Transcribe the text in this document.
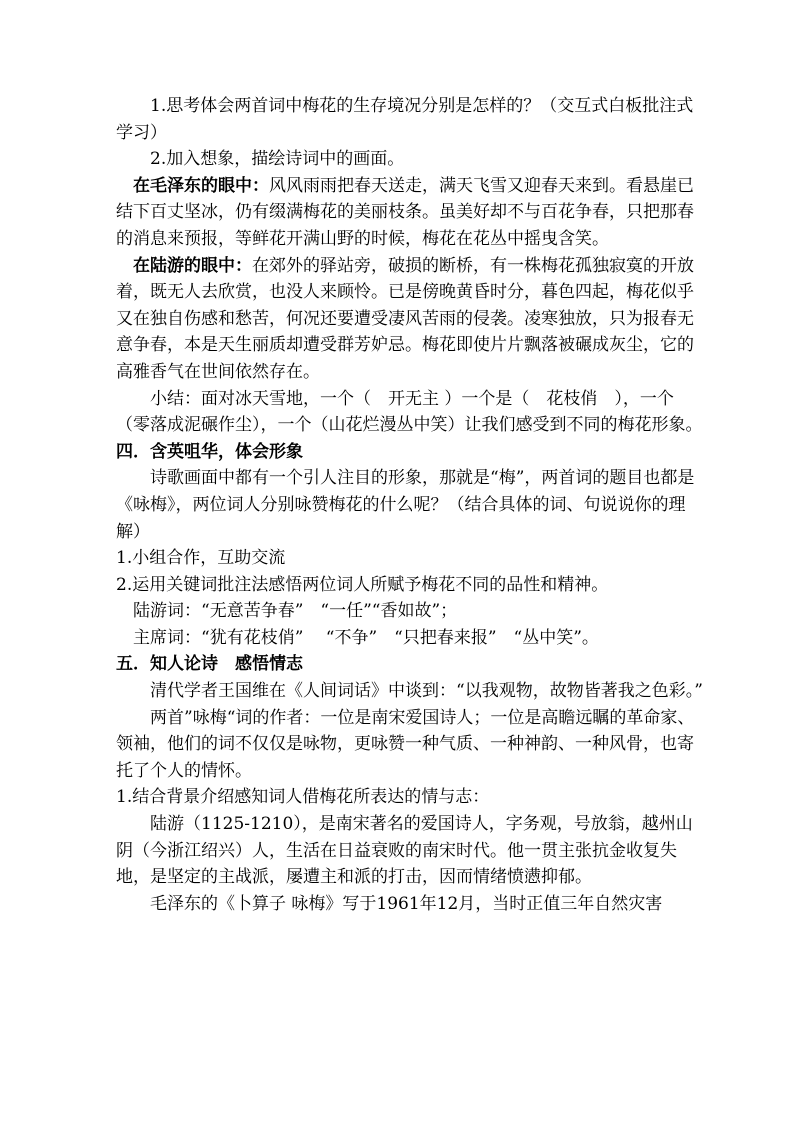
1.思考体会两首词中梅花的生存境况分别是怎样的？（交互式白板批注式学习）

2.加入想象，描绘诗词中的画面。

在毛泽东的眼中：风风雨雨把春天送走，满天飞雪又迎春天来到。看悬崖已结下百丈坚冰，仍有缀满梅花的美丽枝条。虽美好却不与百花争春，只把那春的消息来预报，等鲜花开满山野的时候，梅花在花丛中摇曳含笑。

在陆游的眼中：在郊外的驿站旁，破损的断桥，有一株梅花孤独寂寞的开放着，既无人去欣赏，也没人来顾怜。已是傍晚黄昏时分，暮色四起，梅花似乎又在独自伤感和愁苦，何况还要遭受凄风苦雨的侵袭。凌寒独放，只为报春无意争春，本是天生丽质却遭受群芳妒忌。梅花即使片片飘落被碾成灰尘，它的高雅香气在世间依然存在。

小结：面对冰天雪地，一个（　开无主 ）一个是（　花枝俏　），一个（零落成泥碾作尘），一个（山花烂漫丛中笑）让我们感受到不同的梅花形象。

四．含英咀华，体会形象

诗歌画面中都有一个引人注目的形象，那就是“梅”，两首词的题目也都是《咏梅》，两位词人分别咏赞梅花的什么呢？（结合具体的词、句说说你的理解）

1.小组合作，互助交流

2.运用关键词批注法感悟两位词人所赋予梅花不同的品性和精神。

陆游词：“无意苦争春”　“一任”“香如故”；

主席词：“犹有花枝俏”　 “不争”　“只把春来报”　“丛中笑”。

五．知人论诗　感悟情志

清代学者王国维在《人间词话》中谈到：“以我观物，故物皆著我之色彩。”

两首”咏梅“词的作者：一位是南宋爱国诗人；一位是高瞻远瞩的革命家、领袖，他们的词不仅仅是咏物，更咏赞一种气质、一种神韵、一种风骨，也寄托了个人的情怀。

1.结合背景介绍感知词人借梅花所表达的情与志：

陆游（1125-1210），是南宋著名的爱国诗人，字务观，号放翁，越州山阴（今浙江绍兴）人，生活在日益衰败的南宋时代。他一贯主张抗金收复失地，是坚定的主战派，屡遭主和派的打击，因而情绪愤懑抑郁。

毛泽东的《卜算子 咏梅》写于1961年12月，当时正值三年自然灾害
